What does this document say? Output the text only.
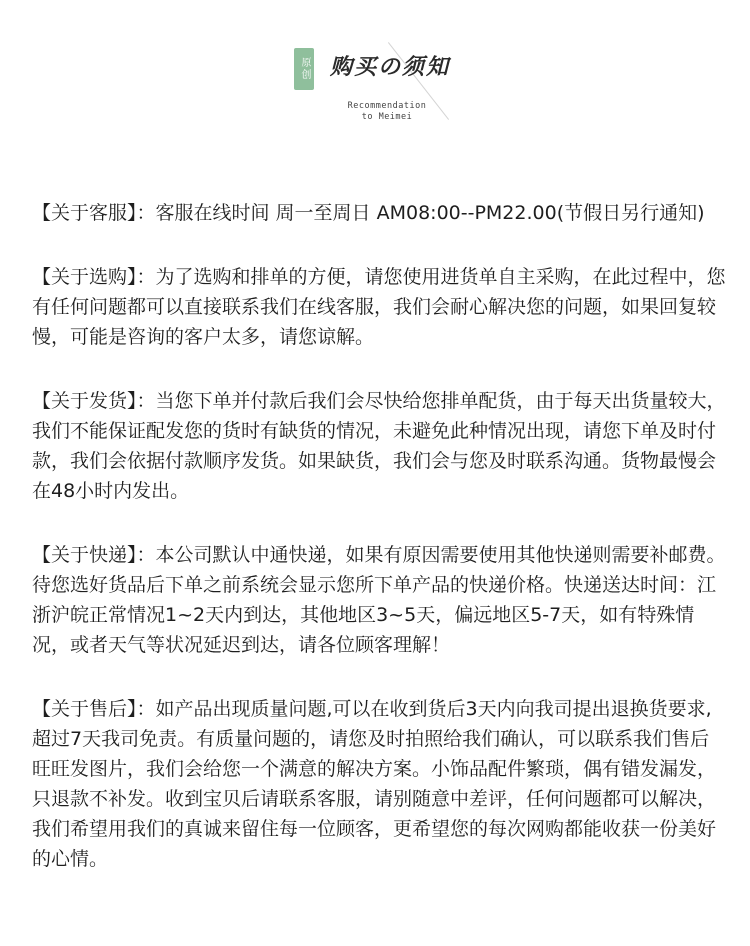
原创 购买の须知
Recommendation
to Meimei

【关于客服】：客服在线时间 周一至周日 AM08:00--PM22.00(节假日另行通知)

【关于选购】：为了选购和排单的方便，请您使用进货单自主采购，在此过程中，您有任何问题都可以直接联系我们在线客服，我们会耐心解决您的问题，如果回复较慢，可能是咨询的客户太多，请您谅解。

【关于发货】：当您下单并付款后我们会尽快给您排单配货，由于每天出货量较大，我们不能保证配发您的货时有缺货的情况，未避免此种情况出现，请您下单及时付款，我们会依据付款顺序发货。如果缺货，我们会与您及时联系沟通。货物最慢会在48小时内发出。

【关于快递】：本公司默认中通快递，如果有原因需要使用其他快递则需要补邮费。待您选好货品后下单之前系统会显示您所下单产品的快递价格。快递送达时间：江浙沪皖正常情况1~2天内到达，其他地区3~5天，偏远地区5-7天，如有特殊情况，或者天气等状况延迟到达，请各位顾客理解！

【关于售后】：如产品出现质量问题,可以在收到货后3天内向我司提出退换货要求,超过7天我司免责。有质量问题的，请您及时拍照给我们确认，可以联系我们售后旺旺发图片，我们会给您一个满意的解决方案。小饰品配件繁琐，偶有错发漏发，只退款不补发。收到宝贝后请联系客服，请别随意中差评，任何问题都可以解决，我们希望用我们的真诚来留住每一位顾客，更希望您的每次网购都能收获一份美好的心情。
